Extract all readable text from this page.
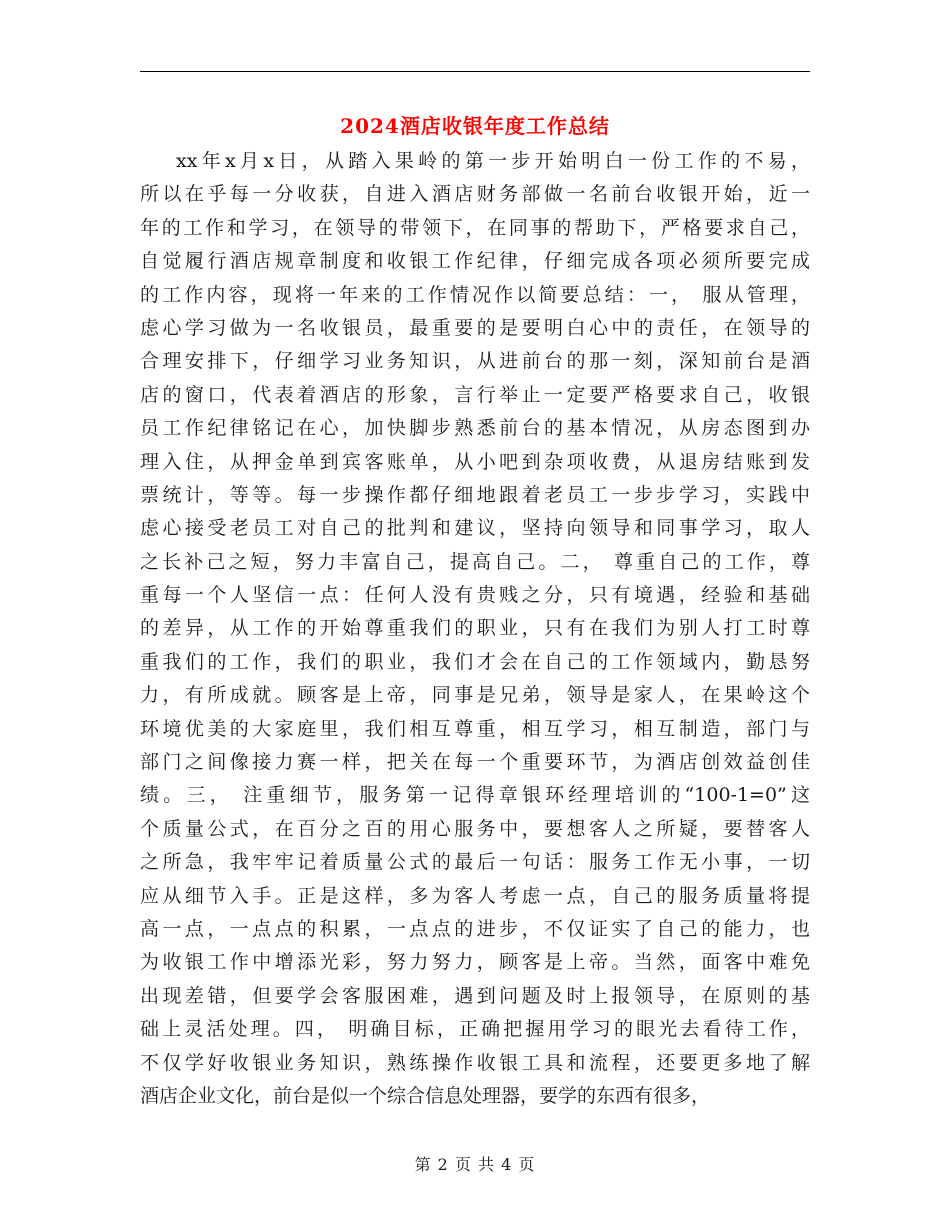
2024酒店收银年度工作总结
xx年x月x日，从踏入果岭的第一步开始明白一份工作的不易，
所以在乎每一分收获，自进入酒店财务部做一名前台收银开始，近一
年的工作和学习，在领导的带领下，在同事的帮助下，严格要求自己，
自觉履行酒店规章制度和收银工作纪律，仔细完成各项必须所要完成
的工作内容，现将一年来的工作情况作以简要总结：一， 服从管理，
虑心学习做为一名收银员，最重要的是要明白心中的责任，在领导的
合理安排下，仔细学习业务知识，从进前台的那一刻，深知前台是酒
店的窗口，代表着酒店的形象，言行举止一定要严格要求自己，收银
员工作纪律铭记在心，加快脚步熟悉前台的基本情况，从房态图到办
理入住，从押金单到宾客账单，从小吧到杂项收费，从退房结账到发
票统计，等等。每一步操作都仔细地跟着老员工一步步学习，实践中
虑心接受老员工对自己的批判和建议，坚持向领导和同事学习，取人
之长补己之短，努力丰富自己，提高自己。二， 尊重自己的工作，尊
重每一个人坚信一点：任何人没有贵贱之分，只有境遇，经验和基础
的差异，从工作的开始尊重我们的职业，只有在我们为别人打工时尊
重我们的工作，我们的职业，我们才会在自己的工作领域内，勤恳努
力，有所成就。顾客是上帝，同事是兄弟，领导是家人，在果岭这个
环境优美的大家庭里，我们相互尊重，相互学习，相互制造，部门与
部门之间像接力赛一样，把关在每一个重要环节，为酒店创效益创佳
绩。三， 注重细节，服务第一记得章银环经理培训的“100-1=0”这
个质量公式，在百分之百的用心服务中，要想客人之所疑，要替客人
之所急，我牢牢记着质量公式的最后一句话：服务工作无小事，一切
应从细节入手。正是这样，多为客人考虑一点，自己的服务质量将提
高一点，一点点的积累，一点点的进步，不仅证实了自己的能力，也
为收银工作中增添光彩，努力努力，顾客是上帝。当然，面客中难免
出现差错，但要学会客服困难，遇到问题及时上报领导，在原则的基
础上灵活处理。四， 明确目标，正确把握用学习的眼光去看待工作，
不仅学好收银业务知识，熟练操作收银工具和流程，还要更多地了解
酒店企业文化，前台是似一个综合信息处理器，要学的东西有很多，
第 2 页 共 4 页
